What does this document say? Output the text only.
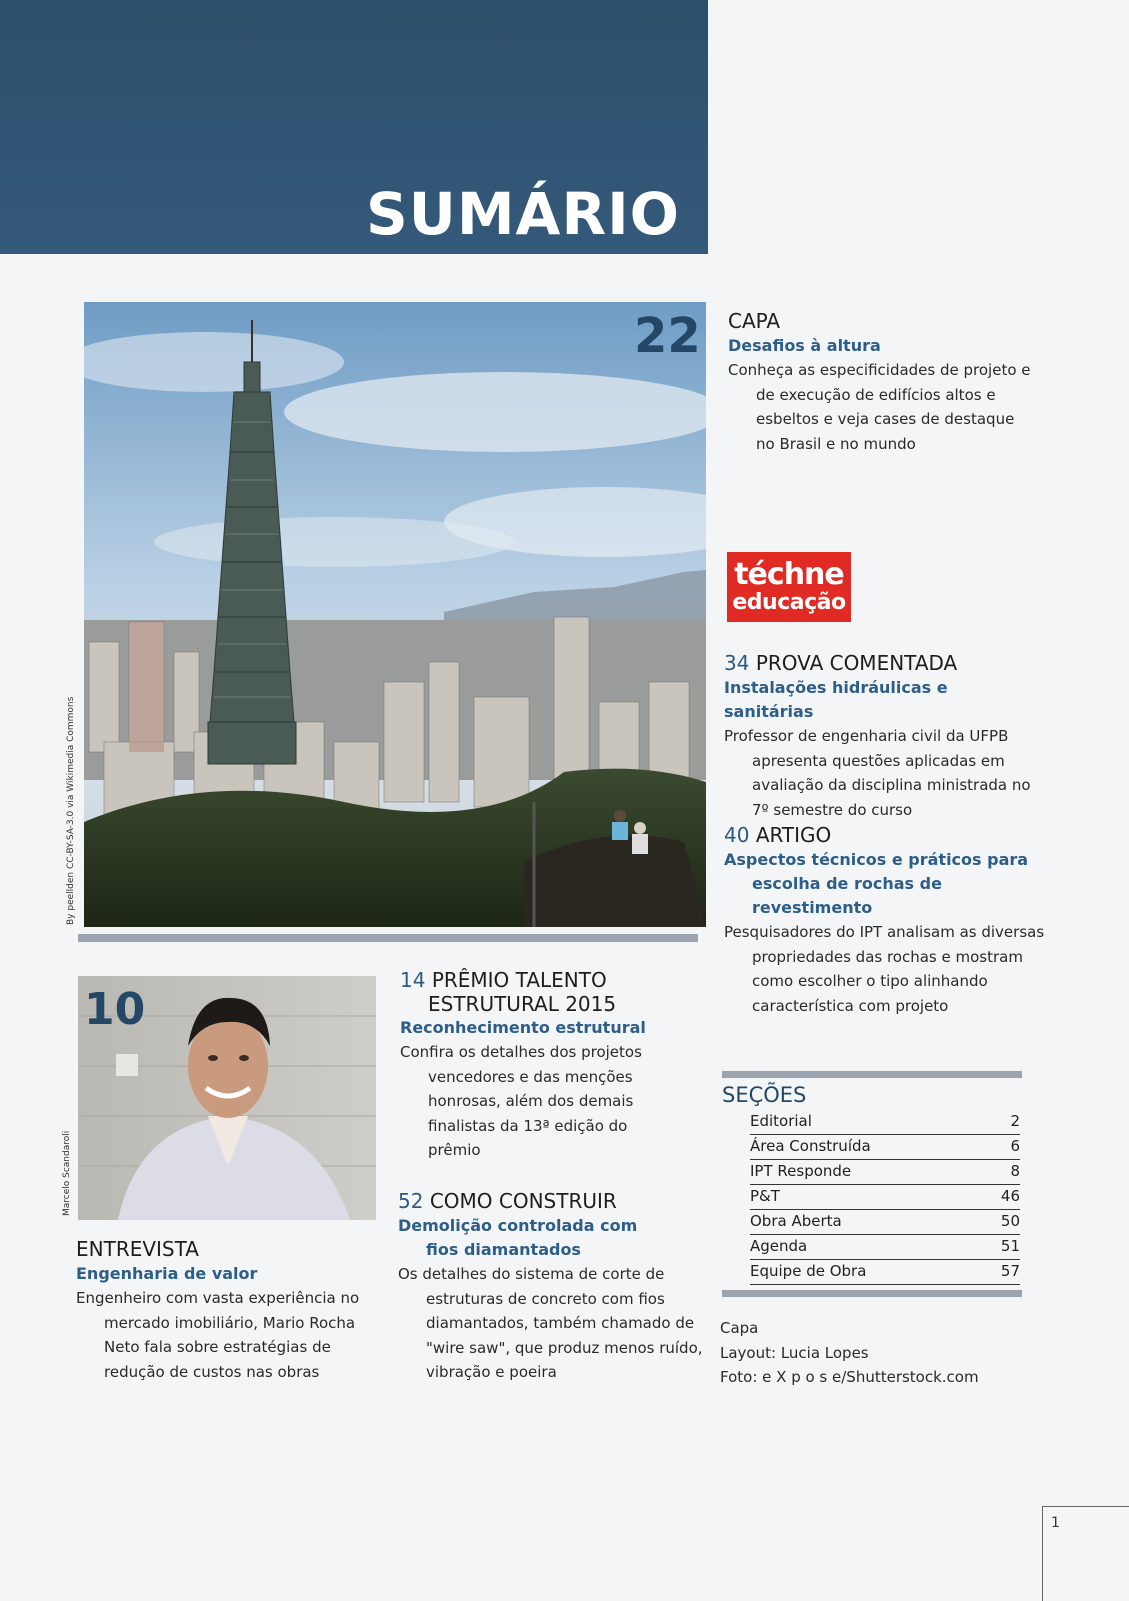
SUMÁRIO
22
By peellden CC-BY-SA-3.0 via Wikimedia Commons
CAPA
Desafios à altura
Conheça as especificidades de projeto e de execução de edifícios altos e esbeltos e veja cases de destaque no Brasil e no mundo
téchne
educação
34 PROVA COMENTADA
Instalações hidráulicas e sanitárias
Professor de engenharia civil da UFPB apresenta questões aplicadas em avaliação da disciplina ministrada no 7º semestre do curso
40 ARTIGO
Aspectos técnicos e práticos para
escolha de rochas de
revestimento
Pesquisadores do IPT analisam as diversas propriedades das rochas e mostram como escolher o tipo alinhando característica com projeto
10
Marcelo Scandaroli
ENTREVISTA
Engenharia de valor
Engenheiro com vasta experiência no mercado imobiliário, Mario Rocha Neto fala sobre estratégias de redução de custos nas obras
14 PRÊMIO TALENTO
ESTRUTURAL 2015
Reconhecimento estrutural
Confira os detalhes dos projetos vencedores e das menções honrosas, além dos demais finalistas da 13ª edição do prêmio
52 COMO CONSTRUIR
Demolição controlada com
fios diamantados
Os detalhes do sistema de corte de estruturas de concreto com fios diamantados, também chamado de "wire saw", que produz menos ruído, vibração e poeira
SEÇÕES
Editorial	2
Área Construída	6
IPT Responde	8
P&T	46
Obra Aberta	50
Agenda	51
Equipe de Obra	57
Capa
Layout: Lucia Lopes
Foto: e X p o s e/Shutterstock.com
1
